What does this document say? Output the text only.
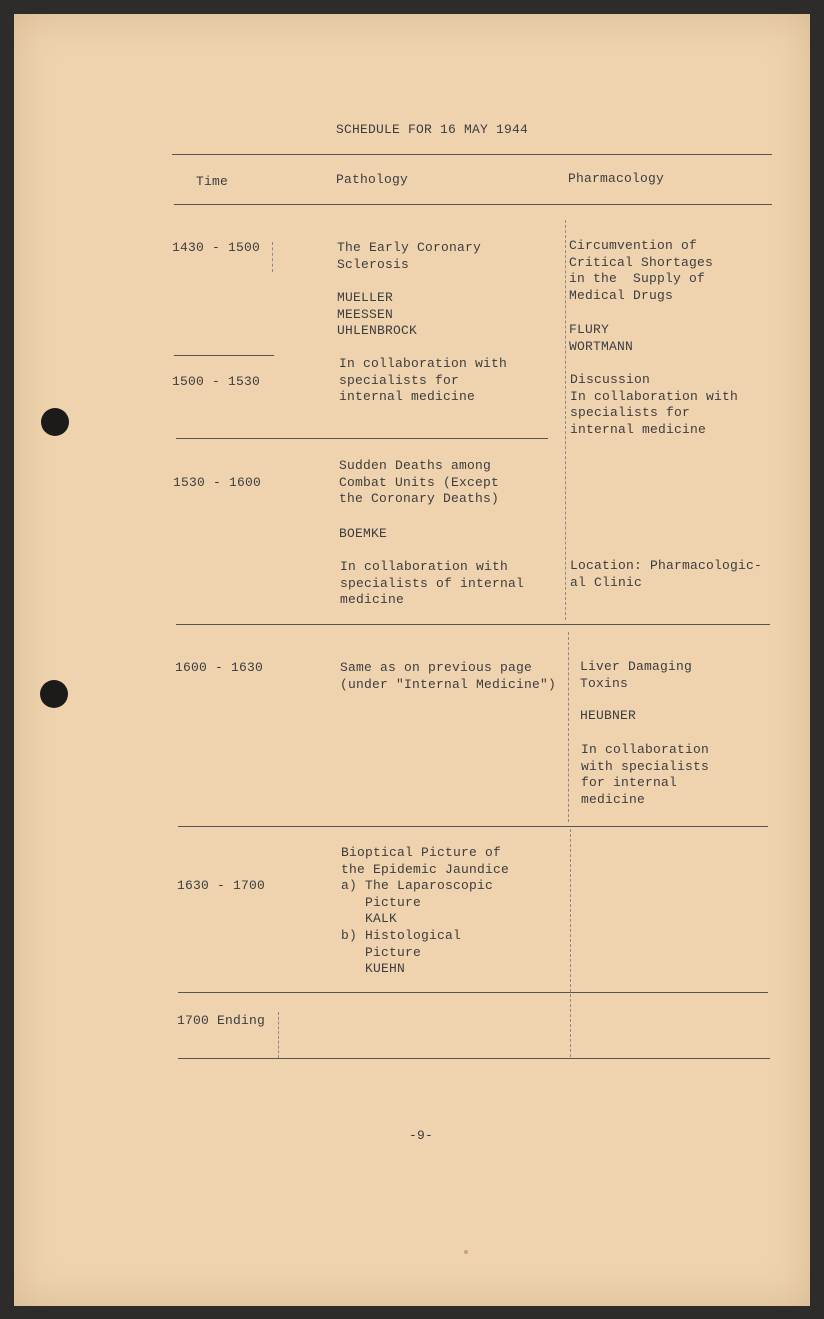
SCHEDULE FOR 16 MAY 1944
Time	Pathology	Pharmacology
1430 - 1500
1500 - 1530
1530 - 1600
1600 - 1630
1630 - 1700
1700 Ending
The Early Coronary
Sclerosis
MUELLER
MEESSEN
UHLENBROCK
In collaboration with
specialists for
internal medicine
Sudden Deaths among
Combat Units (Except
the Coronary Deaths)
BOEMKE
In collaboration with
specialists of internal
medicine
Same as on previous page
(under "Internal Medicine")
Bioptical Picture of
the Epidemic Jaundice
a) The Laparoscopic
Picture
KALK
b) Histological
Picture
KUEHN
Circumvention of
Critical Shortages
in the  Supply of
Medical Drugs
FLURY
WORTMANN
Discussion
In collaboration with
specialists for
internal medicine
Location: Pharmacologic-
al Clinic
Liver Damaging
Toxins
HEUBNER
In collaboration
with specialists
for internal
medicine
-9-
